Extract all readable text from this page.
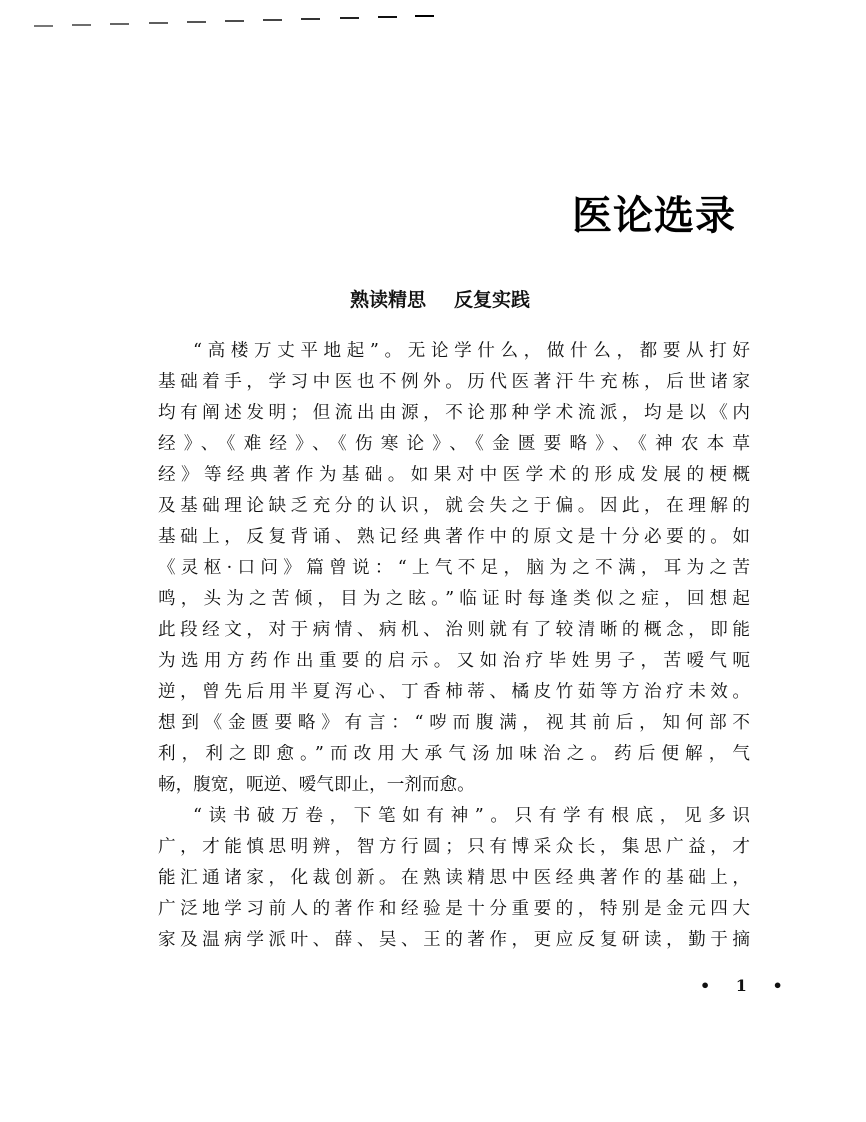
医论选录
熟读精思 反复实践
“高楼万丈平地起”。无论学什么，做什么，都要从打好
基础着手，学习中医也不例外。历代医著汗牛充栋，后世诸家
均有阐述发明；但流出由源，不论那种学术流派，均是以《内
经》、《难经》、《伤寒论》、《金匮要略》、《神农本草
经》等经典著作为基础。如果对中医学术的形成发展的梗概
及基础理论缺乏充分的认识，就会失之于偏。因此，在理解的
基础上，反复背诵、熟记经典著作中的原文是十分必要的。如
《灵枢·口问》篇曾说：“上气不足，脑为之不满，耳为之苦
鸣，头为之苦倾，目为之眩。”临证时每逢类似之症，回想起
此段经文，对于病情、病机、治则就有了较清晰的概念，即能
为选用方药作出重要的启示。又如治疗毕姓男子，苦嗳气呃
逆，曾先后用半夏泻心、丁香柿蒂、橘皮竹茹等方治疗未效。
想到《金匮要略》有言：“哕而腹满，视其前后，知何部不
利，利之即愈。”而改用大承气汤加味治之。药后便解，气
畅，腹宽，呃逆、嗳气即止，一剂而愈。
“读书破万卷，下笔如有神”。只有学有根底，见多识
广，才能慎思明辨，智方行圆；只有博采众长，集思广益，才
能汇通诸家，化裁创新。在熟读精思中医经典著作的基础上，
广泛地学习前人的著作和经验是十分重要的，特别是金元四大
家及温病学派叶、薛、吴、王的著作，更应反复研读，勤于摘
• 1 •
